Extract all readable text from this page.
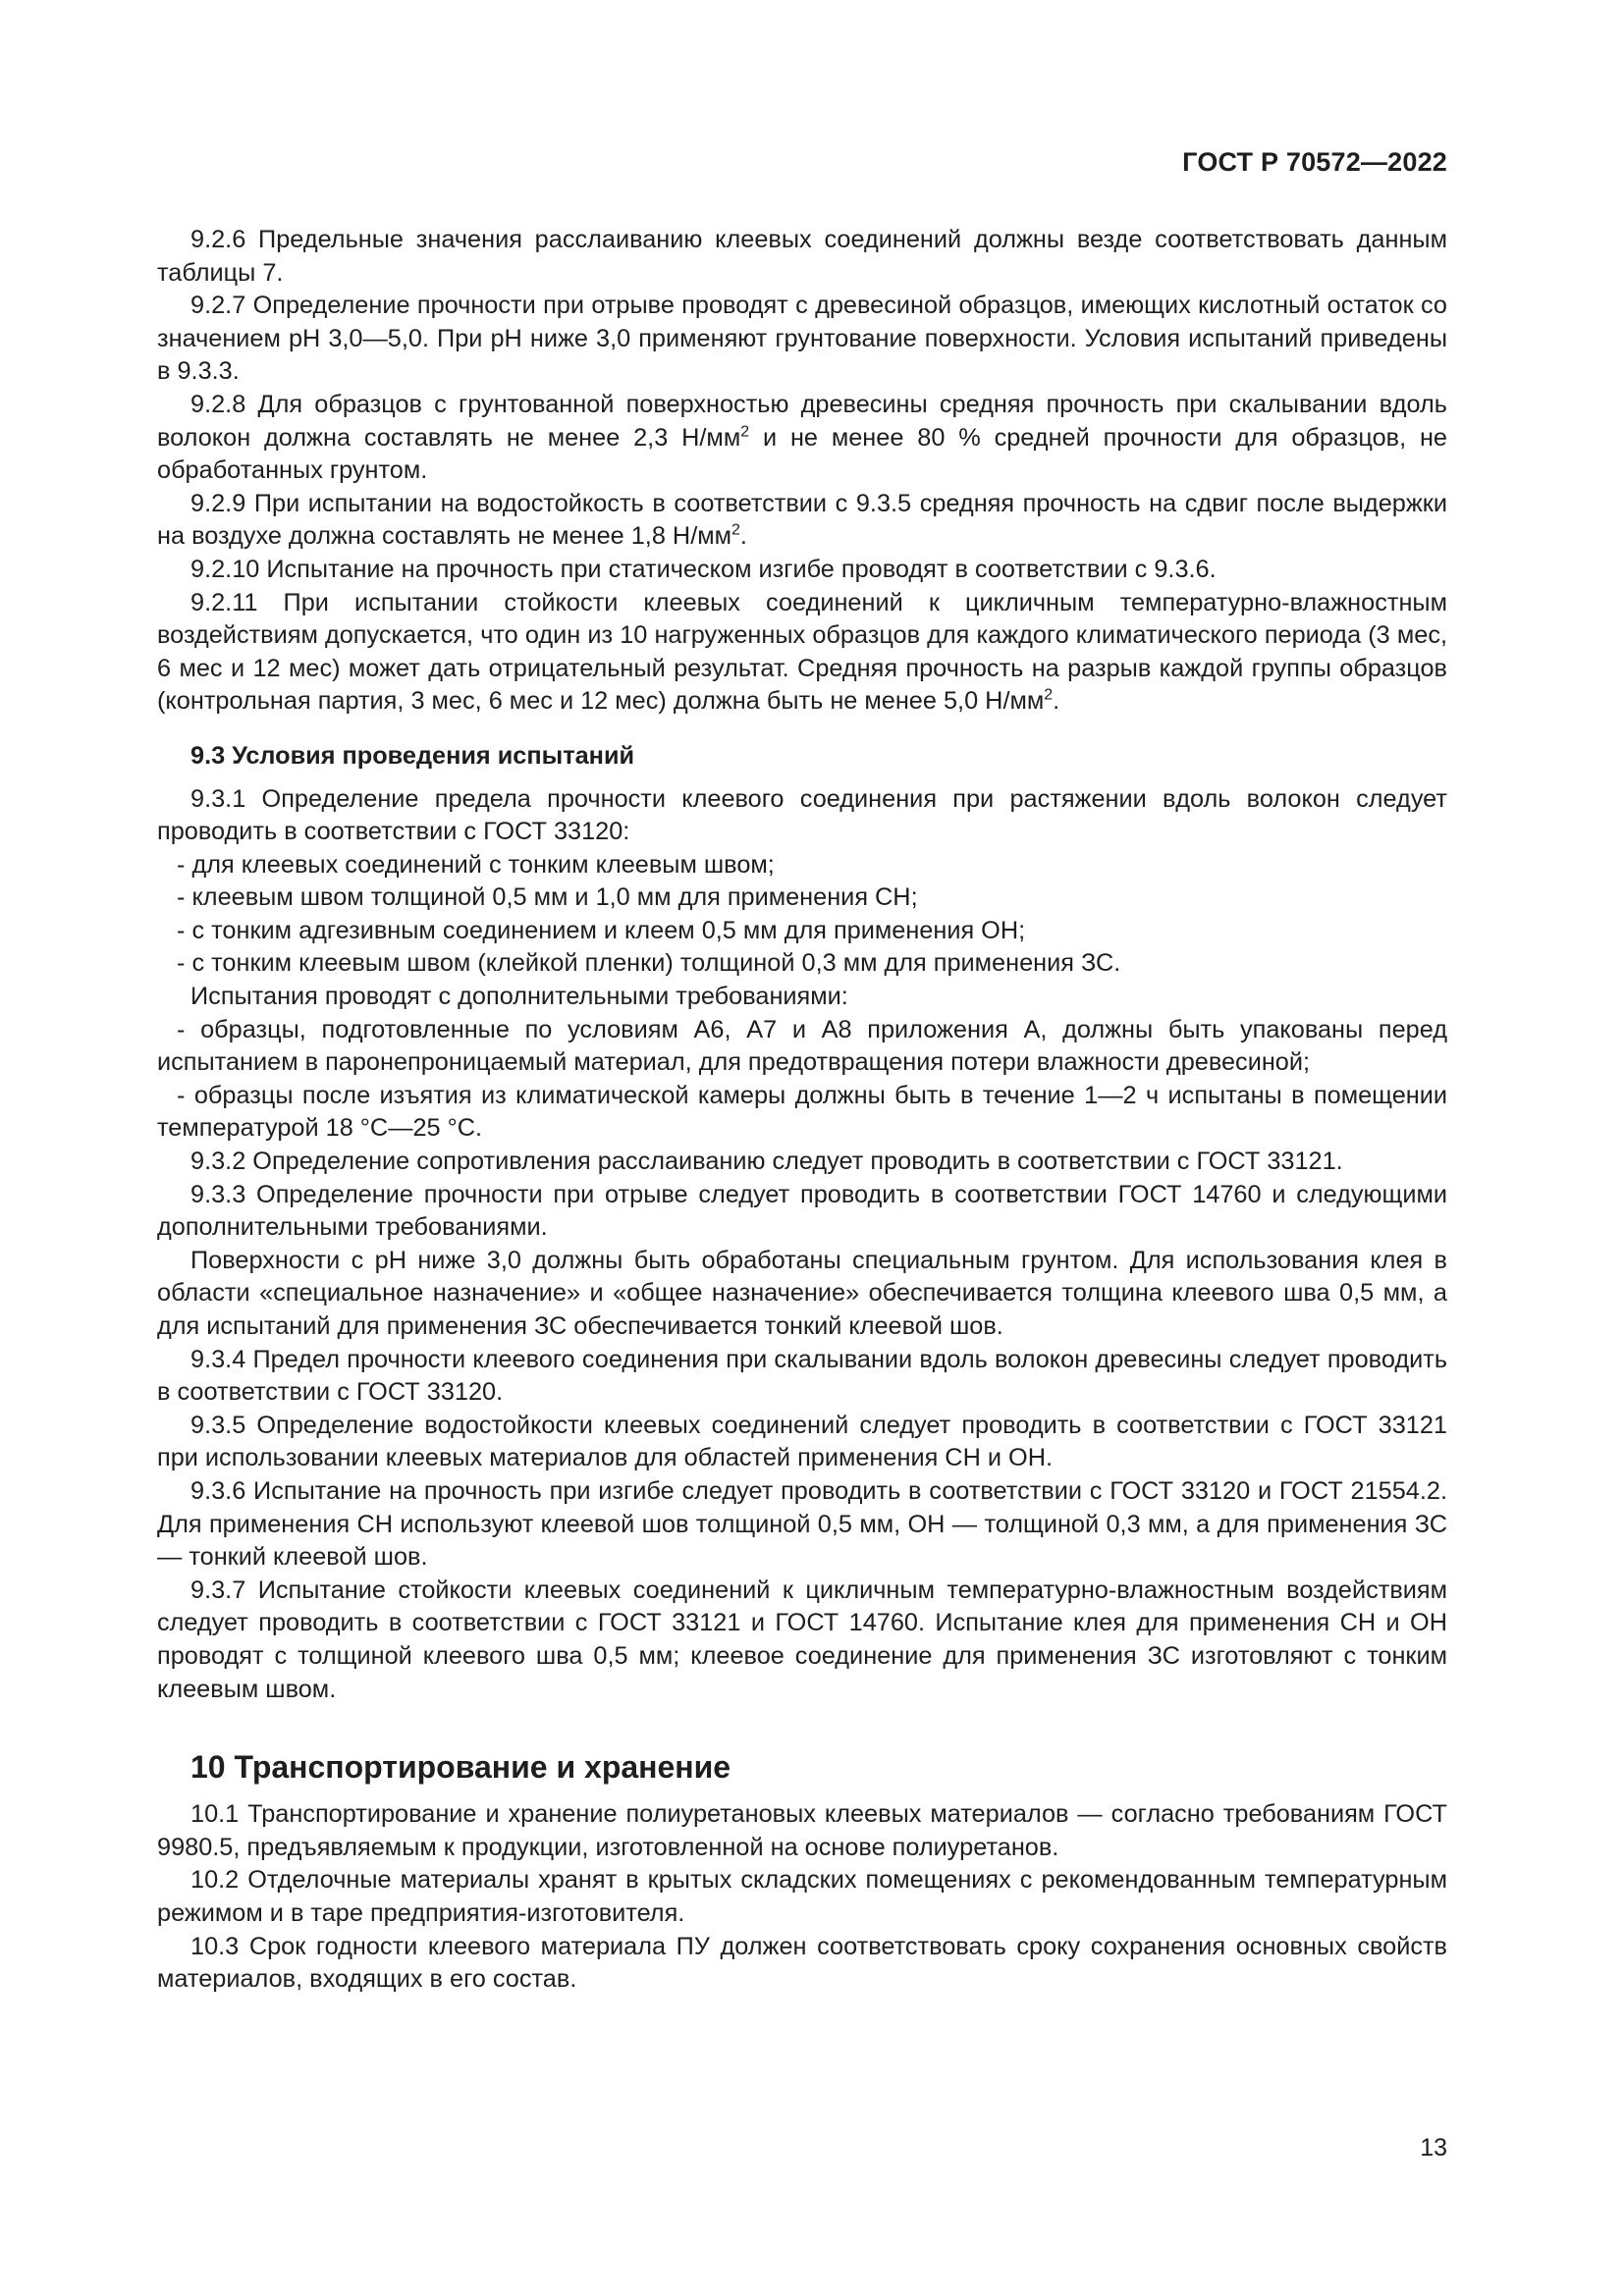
ГОСТ Р 70572—2022

9.2.6 Предельные значения расслаиванию клеевых соединений должны везде соответствовать данным таблицы 7.

9.2.7 Определение прочности при отрыве проводят с древесиной образцов, имеющих кислотный остаток со значением pH 3,0—5,0. При pH ниже 3,0 применяют грунтование поверхности. Условия испытаний приведены в 9.3.3.

9.2.8 Для образцов с грунтованной поверхностью древесины средняя прочность при скалывании вдоль волокон должна составлять не менее 2,3 $Н/мм^2$ и не менее 80 % средней прочности для образцов, не обработанных грунтом.

9.2.9 При испытании на водостойкость в соответствии с 9.3.5 средняя прочность на сдвиг после выдержки на воздухе должна составлять не менее 1,8 $Н/мм^2$.

9.2.10 Испытание на прочность при статическом изгибе проводят в соответствии с 9.3.6.

9.2.11 При испытании стойкости клеевых соединений к цикличным температурно-влажностным воздействиям допускается, что один из 10 нагруженных образцов для каждого климатического периода (3 мес, 6 мес и 12 мес) может дать отрицательный результат. Средняя прочность на разрыв каждой группы образцов (контрольная партия, 3 мес, 6 мес и 12 мес) должна быть не менее 5,0 $Н/мм^2$.

9.3 Условия проведения испытаний

9.3.1 Определение предела прочности клеевого соединения при растяжении вдоль волокон следует проводить в соответствии с ГОСТ 33120:

- для клеевых соединений с тонким клеевым швом;

- клеевым швом толщиной 0,5 мм и 1,0 мм для применения СН;

- с тонким адгезивным соединением и клеем 0,5 мм для применения ОН;

- с тонким клеевым швом (клейкой пленки) толщиной 0,3 мм для применения ЗС.

Испытания проводят с дополнительными требованиями:

- образцы, подготовленные по условиям А6, А7 и А8 приложения А, должны быть упакованы перед испытанием в паронепроницаемый материал, для предотвращения потери влажности древесиной;

- образцы после изъятия из климатической камеры должны быть в течение 1—2 ч испытаны в помещении температурой 18 °С—25 °С.

9.3.2 Определение сопротивления расслаиванию следует проводить в соответствии с ГОСТ 33121.

9.3.3 Определение прочности при отрыве следует проводить в соответствии ГОСТ 14760 и следующими дополнительными требованиями.

Поверхности с pH ниже 3,0 должны быть обработаны специальным грунтом. Для использования клея в области «специальное назначение» и «общее назначение» обеспечивается толщина клеевого шва 0,5 мм, а для испытаний для применения ЗС обеспечивается тонкий клеевой шов.

9.3.4 Предел прочности клеевого соединения при скалывании вдоль волокон древесины следует проводить в соответствии с ГОСТ 33120.

9.3.5 Определение водостойкости клеевых соединений следует проводить в соответствии с ГОСТ 33121 при использовании клеевых материалов для областей применения СН и ОН.

9.3.6 Испытание на прочность при изгибе следует проводить в соответствии с ГОСТ 33120 и ГОСТ 21554.2. Для применения СН используют клеевой шов толщиной 0,5 мм, ОН — толщиной 0,3 мм, а для применения ЗС — тонкий клеевой шов.

9.3.7 Испытание стойкости клеевых соединений к цикличным температурно-влажностным воздействиям следует проводить в соответствии с ГОСТ 33121 и ГОСТ 14760. Испытание клея для применения СН и ОН проводят с толщиной клеевого шва 0,5 мм; клеевое соединение для применения ЗС изготовляют с тонким клеевым швом.

10 Транспортирование и хранение

10.1 Транспортирование и хранение полиуретановых клеевых материалов — согласно требованиям ГОСТ 9980.5, предъявляемым к продукции, изготовленной на основе полиуретанов.

10.2 Отделочные материалы хранят в крытых складских помещениях с рекомендованным температурным режимом и в таре предприятия-изготовителя.

10.3 Срок годности клеевого материала ПУ должен соответствовать сроку сохранения основных свойств материалов, входящих в его состав.

13
